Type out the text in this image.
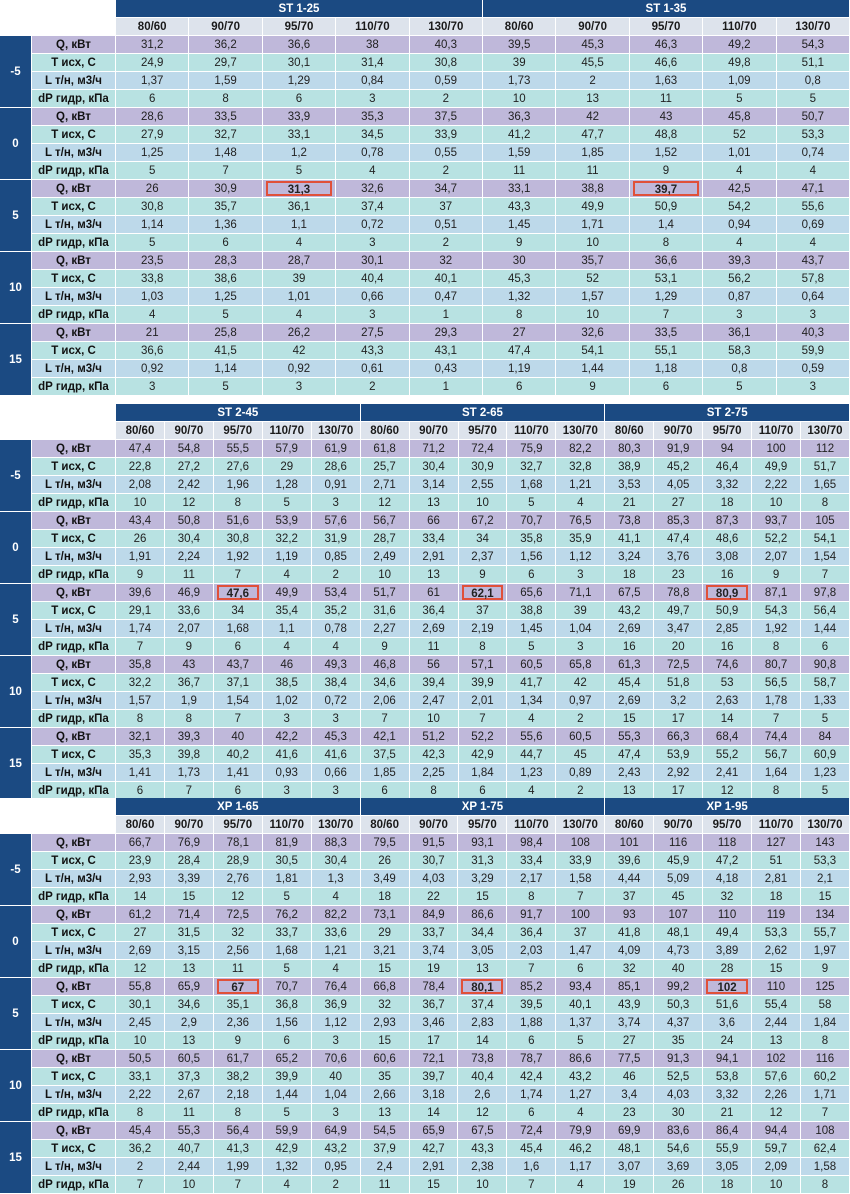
		ST 1-25					ST 1-35				
		80/60	90/70	95/70	110/70	130/70	80/60	90/70	95/70	110/70	130/70
-5	Q, кВт	31,2	36,2	36,6	38	40,3	39,5	45,3	46,3	49,2	54,3
	T исх, C	24,9	29,7	30,1	31,4	30,8	39	45,5	46,6	49,8	51,1
	L т/н, м3/ч	1,37	1,59	1,29	0,84	0,59	1,73	2	1,63	1,09	0,8
	dP гидр, кПа	6	8	6	3	2	10	13	11	5	5
0	Q, кВт	28,6	33,5	33,9	35,3	37,5	36,3	42	43	45,8	50,7
	T исх, C	27,9	32,7	33,1	34,5	33,9	41,2	47,7	48,8	52	53,3
	L т/н, м3/ч	1,25	1,48	1,2	0,78	0,55	1,59	1,85	1,52	1,01	0,74
	dP гидр, кПа	5	7	5	4	2	11	11	9	4	4
5	Q, кВт	26	30,9	31,3	32,6	34,7	33,1	38,8	39,7	42,5	47,1
	T исх, C	30,8	35,7	36,1	37,4	37	43,3	49,9	50,9	54,2	55,6
	L т/н, м3/ч	1,14	1,36	1,1	0,72	0,51	1,45	1,71	1,4	0,94	0,69
	dP гидр, кПа	5	6	4	3	2	9	10	8	4	4
10	Q, кВт	23,5	28,3	28,7	30,1	32	30	35,7	36,6	39,3	43,7
	T исх, C	33,8	38,6	39	40,4	40,1	45,3	52	53,1	56,2	57,8
	L т/н, м3/ч	1,03	1,25	1,01	0,66	0,47	1,32	1,57	1,29	0,87	0,64
	dP гидр, кПа	4	5	4	3	1	8	10	7	3	3
15	Q, кВт	21	25,8	26,2	27,5	29,3	27	32,6	33,5	36,1	40,3
	T исх, C	36,6	41,5	42	43,3	43,1	47,4	54,1	55,1	58,3	59,9
	L т/н, м3/ч	0,92	1,14	0,92	0,61	0,43	1,19	1,44	1,18	0,8	0,59
	dP гидр, кПа	3	5	3	2	1	6	9	6	5	3
		ST 2-45					ST 2-65					ST 2-75				
		80/60	90/70	95/70	110/70	130/70	80/60	90/70	95/70	110/70	130/70	80/60	90/70	95/70	110/70	130/70
-5	Q, кВт	47,4	54,8	55,5	57,9	61,9	61,8	71,2	72,4	75,9	82,2	80,3	91,9	94	100	112
	T исх, C	22,8	27,2	27,6	29	28,6	25,7	30,4	30,9	32,7	32,8	38,9	45,2	46,4	49,9	51,7
	L т/н, м3/ч	2,08	2,42	1,96	1,28	0,91	2,71	3,14	2,55	1,68	1,21	3,53	4,05	3,32	2,22	1,65
	dP гидр, кПа	10	12	8	5	3	12	13	10	5	4	21	27	18	10	8
0	Q, кВт	43,4	50,8	51,6	53,9	57,6	56,7	66	67,2	70,7	76,5	73,8	85,3	87,3	93,7	105
	T исх, C	26	30,4	30,8	32,2	31,9	28,7	33,4	34	35,8	35,9	41,1	47,4	48,6	52,2	54,1
	L т/н, м3/ч	1,91	2,24	1,92	1,19	0,85	2,49	2,91	2,37	1,56	1,12	3,24	3,76	3,08	2,07	1,54
	dP гидр, кПа	9	11	7	4	2	10	13	9	6	3	18	23	16	9	7
5	Q, кВт	39,6	46,9	47,6	49,9	53,4	51,7	61	62,1	65,6	71,1	67,5	78,8	80,9	87,1	97,8
	T исх, C	29,1	33,6	34	35,4	35,2	31,6	36,4	37	38,8	39	43,2	49,7	50,9	54,3	56,4
	L т/н, м3/ч	1,74	2,07	1,68	1,1	0,78	2,27	2,69	2,19	1,45	1,04	2,69	3,47	2,85	1,92	1,44
	dP гидр, кПа	7	9	6	4	4	9	11	8	5	3	16	20	16	8	6
10	Q, кВт	35,8	43	43,7	46	49,3	46,8	56	57,1	60,5	65,8	61,3	72,5	74,6	80,7	90,8
	T исх, C	32,2	36,7	37,1	38,5	38,4	34,6	39,4	39,9	41,7	42	45,4	51,8	53	56,5	58,7
	L т/н, м3/ч	1,57	1,9	1,54	1,02	0,72	2,06	2,47	2,01	1,34	0,97	2,69	3,2	2,63	1,78	1,33
	dP гидр, кПа	8	8	7	3	3	7	10	7	4	2	15	17	14	7	5
15	Q, кВт	32,1	39,3	40	42,2	45,3	42,1	51,2	52,2	55,6	60,5	55,3	66,3	68,4	74,4	84
	T исх, C	35,3	39,8	40,2	41,6	41,6	37,5	42,3	42,9	44,7	45	47,4	53,9	55,2	56,7	60,9
	L т/н, м3/ч	1,41	1,73	1,41	0,93	0,66	1,85	2,25	1,84	1,23	0,89	2,43	2,92	2,41	1,64	1,23
	dP гидр, кПа	6	7	6	3	3	6	8	6	4	2	13	17	12	8	5
		XP 1-65					XP 1-75					XP 1-95				
		80/60	90/70	95/70	110/70	130/70	80/60	90/70	95/70	110/70	130/70	80/60	90/70	95/70	110/70	130/70
-5	Q, кВт	66,7	76,9	78,1	81,9	88,3	79,5	91,5	93,1	98,4	108	101	116	118	127	143
	T исх, C	23,9	28,4	28,9	30,5	30,4	26	30,7	31,3	33,4	33,9	39,6	45,9	47,2	51	53,3
	L т/н, м3/ч	2,93	3,39	2,76	1,81	1,3	3,49	4,03	3,29	2,17	1,58	4,44	5,09	4,18	2,81	2,1
	dP гидр, кПа	14	15	12	5	4	18	22	15	8	7	37	45	32	18	15
0	Q, кВт	61,2	71,4	72,5	76,2	82,2	73,1	84,9	86,6	91,7	100	93	107	110	119	134
	T исх, C	27	31,5	32	33,7	33,6	29	33,7	34,4	36,4	37	41,8	48,1	49,4	53,3	55,7
	L т/н, м3/ч	2,69	3,15	2,56	1,68	1,21	3,21	3,74	3,05	2,03	1,47	4,09	4,73	3,89	2,62	1,97
	dP гидр, кПа	12	13	11	5	4	15	19	13	7	6	32	40	28	15	9
5	Q, кВт	55,8	65,9	67	70,7	76,4	66,8	78,4	80,1	85,2	93,4	85,1	99,2	102	110	125
	T исх, C	30,1	34,6	35,1	36,8	36,9	32	36,7	37,4	39,5	40,1	43,9	50,3	51,6	55,4	58
	L т/н, м3/ч	2,45	2,9	2,36	1,56	1,12	2,93	3,46	2,83	1,88	1,37	3,74	4,37	3,6	2,44	1,84
	dP гидр, кПа	10	13	9	6	3	15	17	14	6	5	27	35	24	13	8
10	Q, кВт	50,5	60,5	61,7	65,2	70,6	60,6	72,1	73,8	78,7	86,6	77,5	91,3	94,1	102	116
	T исх, C	33,1	37,3	38,2	39,9	40	35	39,7	40,4	42,4	43,2	46	52,5	53,8	57,6	60,2
	L т/н, м3/ч	2,22	2,67	2,18	1,44	1,04	2,66	3,18	2,6	1,74	1,27	3,4	4,03	3,32	2,26	1,71
	dP гидр, кПа	8	11	8	5	3	13	14	12	6	4	23	30	21	12	7
15	Q, кВт	45,4	55,3	56,4	59,9	64,9	54,5	65,9	67,5	72,4	79,9	69,9	83,6	86,4	94,4	108
	T исх, C	36,2	40,7	41,3	42,9	43,2	37,9	42,7	43,3	45,4	46,2	48,1	54,6	55,9	59,7	62,4
	L т/н, м3/ч	2	2,44	1,99	1,32	0,95	2,4	2,91	2,38	1,6	1,17	3,07	3,69	3,05	2,09	1,58
	dP гидр, кПа	7	10	7	4	2	11	15	10	7	4	19	26	18	10	8
